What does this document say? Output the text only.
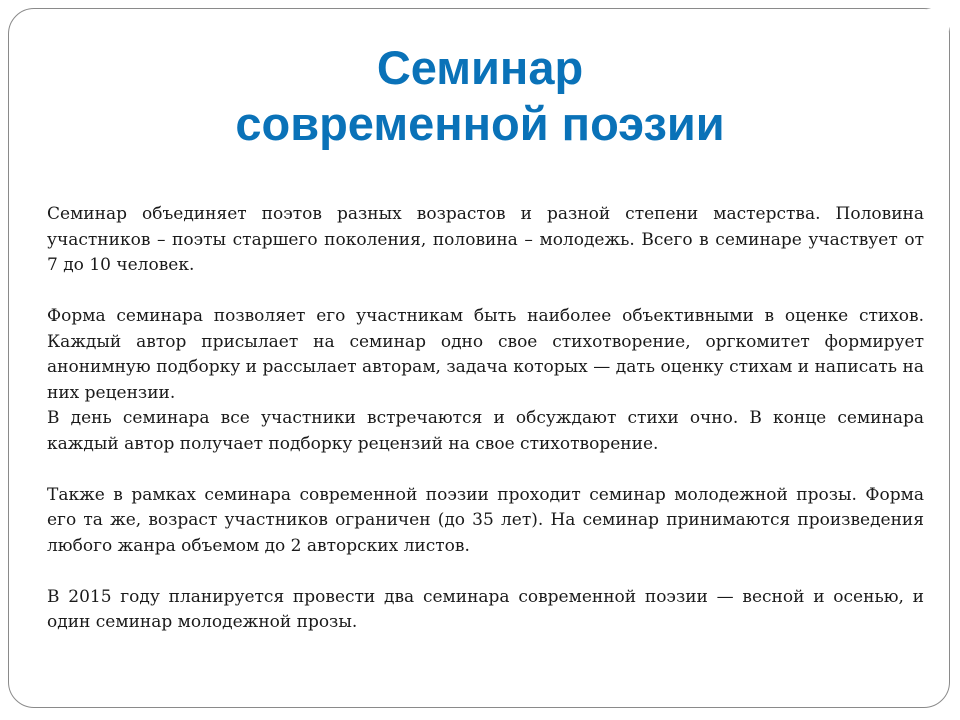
Семинар
современной поэзии

Семинар объединяет поэтов разных возрастов и разной степени мастерства. Половина участников – поэты старшего поколения, половина – молодежь. Всего в семинаре участвует от 7 до 10 человек.

Форма семинара позволяет его участникам быть наиболее объективными в оценке стихов. Каждый автор присылает на семинар одно свое стихотворение, оргкомитет формирует анонимную подборку и рассылает авторам, задача которых — дать оценку стихам и написать на них рецензии.

В день семинара все участники встречаются и обсуждают стихи очно. В конце семинара каждый автор получает подборку рецензий на свое стихотворение.

Также в рамках семинара современной поэзии проходит семинар молодежной прозы. Форма его та же, возраст участников ограничен (до 35 лет). На семинар принимаются произведения любого жанра объемом до 2 авторских листов.

В 2015 году планируется провести два семинара современной поэзии — весной и осенью, и один семинар молодежной прозы.
